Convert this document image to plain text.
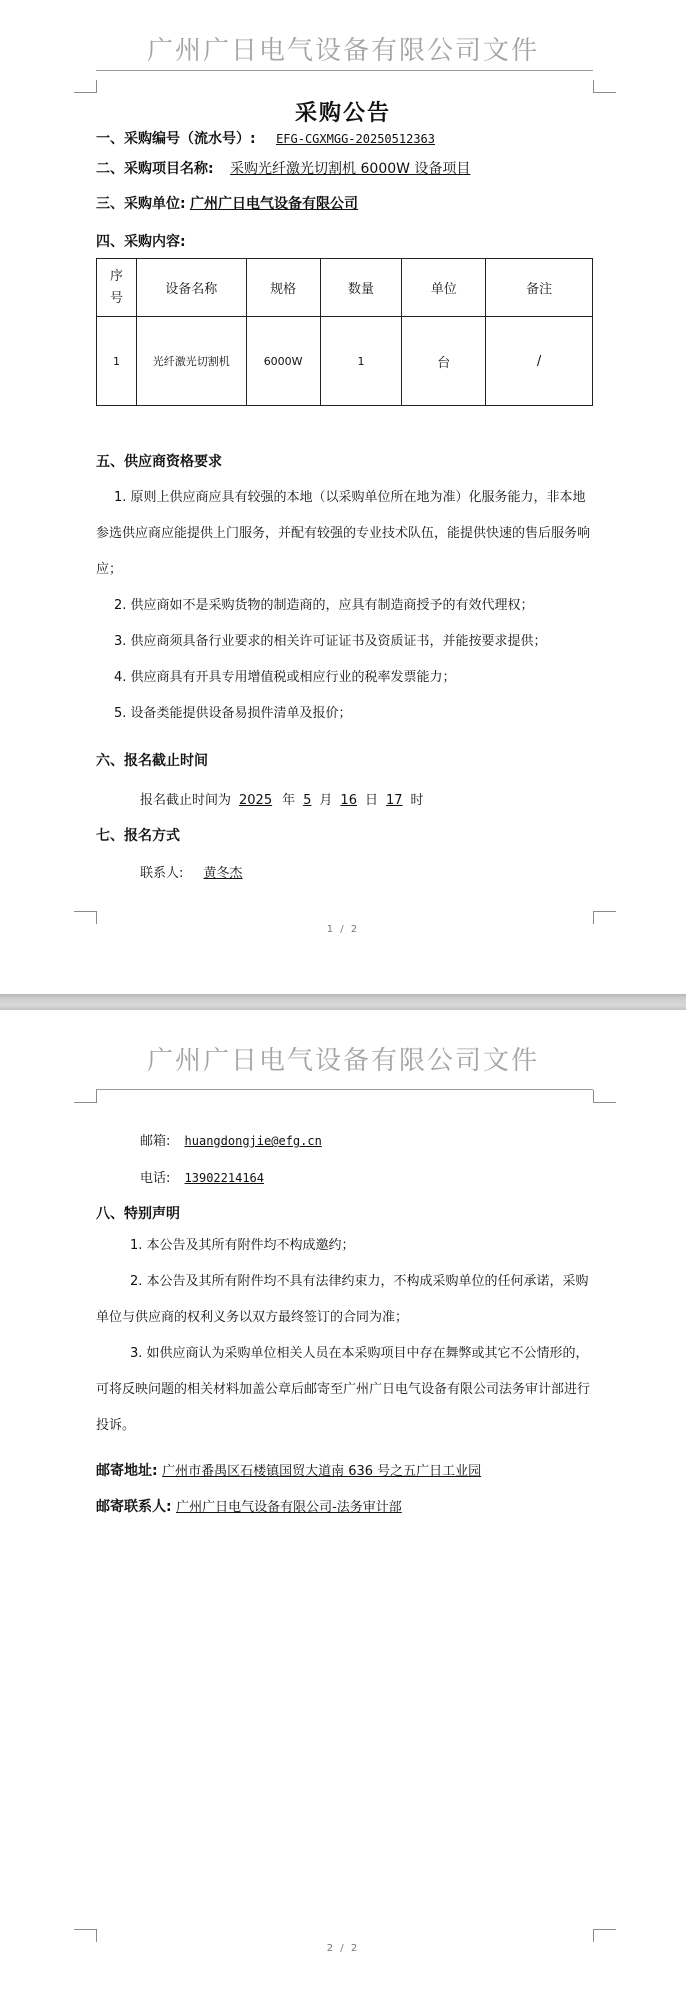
广州广日电气设备有限公司文件
采购公告
一、采购编号（流水号）: EFG-CGXMGG-20250512363
二、采购项目名称: 采购光纤激光切割机 6000W 设备项目
三、采购单位: 广州广日电气设备有限公司
四、采购内容:
序号	设备名称	规格	数量	单位	备注
1	光纤激光切割机	6000W	1	台	/
五、供应商资格要求
1. 原则上供应商应具有较强的本地（以采购单位所在地为准）化服务能力，非本地参选供应商应能提供上门服务，并配有较强的专业技术队伍，能提供快速的售后服务响应；
2. 供应商如不是采购货物的制造商的，应具有制造商授予的有效代理权；
3. 供应商须具备行业要求的相关许可证证书及资质证书，并能按要求提供；
4. 供应商具有开具专用增值税或相应行业的税率发票能力；
5. 设备类能提供设备易损件清单及报价；
六、报名截止时间
报名截止时间为 2025 年 5 月 16 日 17 时
七、报名方式
联系人: 黄冬杰
1 / 2
广州广日电气设备有限公司文件
邮箱: huangdongjie@efg.cn
电话: 13902214164
八、特别声明
1. 本公告及其所有附件均不构成邀约；
2. 本公告及其所有附件均不具有法律约束力，不构成采购单位的任何承诺，采购单位与供应商的权利义务以双方最终签订的合同为准；
3. 如供应商认为采购单位相关人员在本采购项目中存在舞弊或其它不公情形的，可将反映问题的相关材料加盖公章后邮寄至广州广日电气设备有限公司法务审计部进行投诉。
邮寄地址: 广州市番禺区石楼镇国贸大道南 636 号之五广日工业园
邮寄联系人: 广州广日电气设备有限公司-法务审计部
2 / 2
